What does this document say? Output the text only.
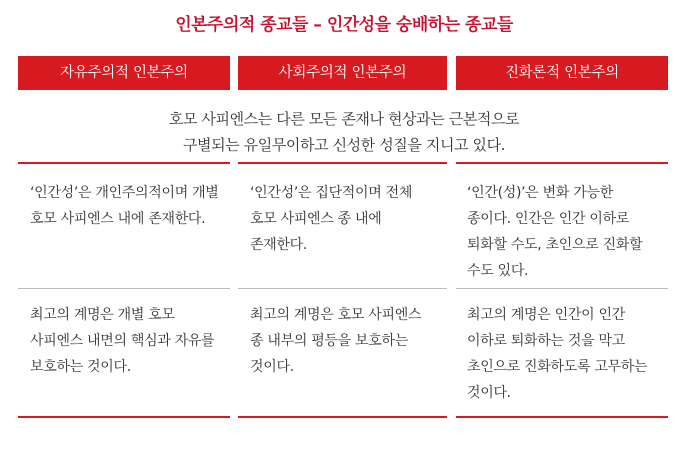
인본주의적 종교들 – 인간성을 숭배하는 종교들
자유주의적 인본주의	사회주의적 인본주의	진화론적 인본주의
호모 사피엔스는 다른 모든 존재나 현상과는 근본적으로
구별되는 유일무이하고 신성한 성질을 지니고 있다.
‘인간성’은 개인주의적이며 개별 호모 사피엔스 내에 존재한다.
‘인간성’은 집단적이며 전체 호모 사피엔스 종 내에 존재한다.
‘인간(성)’은 변화 가능한 종이다. 인간은 인간 이하로 퇴화할 수도, 초인으로 진화할 수도 있다.
최고의 계명은 개별 호모 사피엔스 내면의 핵심과 자유를 보호하는 것이다.
최고의 계명은 호모 사피엔스 종 내부의 평등을 보호하는 것이다.
최고의 계명은 인간이 인간 이하로 퇴화하는 것을 막고 초인으로 진화하도록 고무하는 것이다.
